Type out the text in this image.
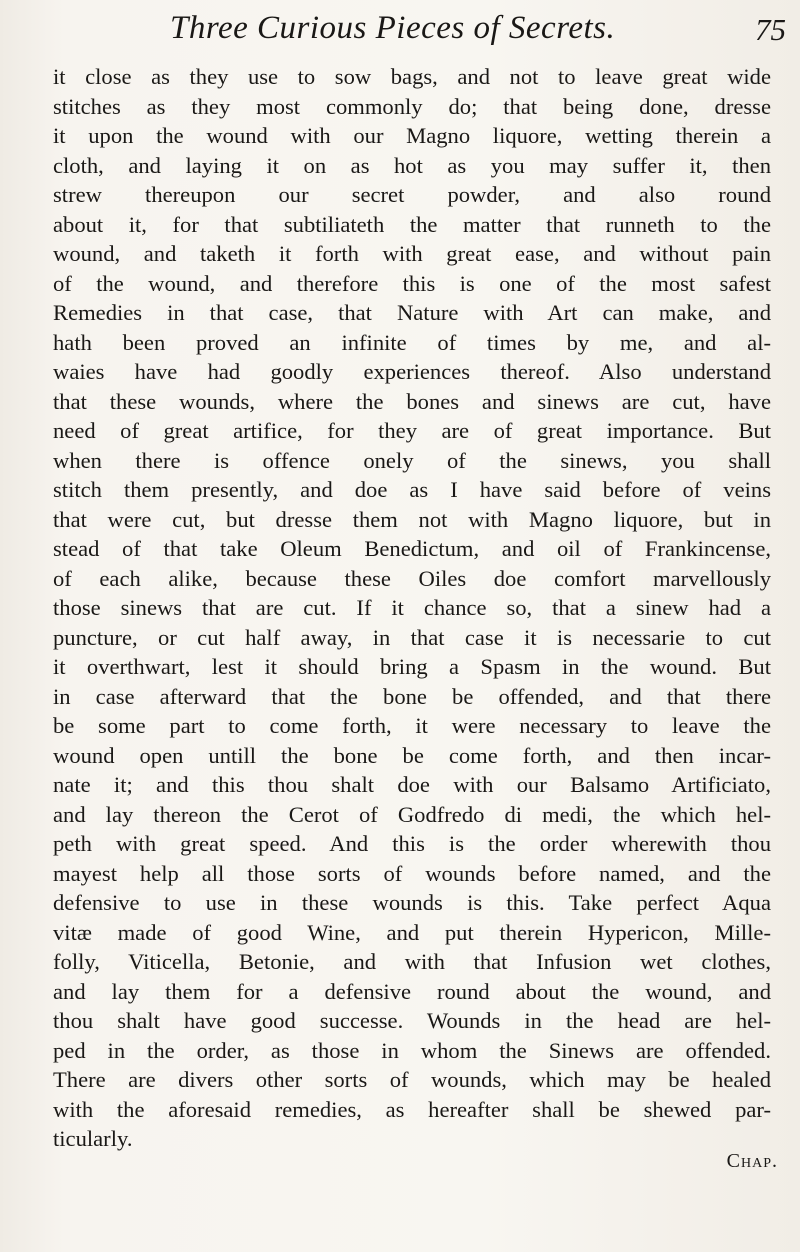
Three Curious Pieces of Secrets.	75
it close as they use to sow bags, and not to leave great wide
stitches as they most commonly do; that being done, dresse
it upon the wound with our Magno liquore, wetting therein a
cloth, and laying it on as hot as you may suffer it, then
strew thereupon our secret powder, and also round
about it, for that subtiliateth the matter that runneth to the
wound, and taketh it forth with great ease, and without pain
of the wound, and therefore this is one of the most safest
Remedies in that case, that Nature with Art can make, and
hath been proved an infinite of times by me, and al-
waies have had goodly experiences thereof. Also understand
that these wounds, where the bones and sinews are cut, have
need of great artifice, for they are of great importance. But
when there is offence onely of the sinews, you shall
stitch them presently, and doe as I have said before of veins
that were cut, but dresse them not with Magno liquore, but in
stead of that take Oleum Benedictum, and oil of Frankincense,
of each alike, because these Oiles doe comfort marvellously
those sinews that are cut. If it chance so, that a sinew had a
puncture, or cut half away, in that case it is necessarie to cut
it overthwart, lest it should bring a Spasm in the wound. But
in case afterward that the bone be offended, and that there
be some part to come forth, it were necessary to leave the
wound open untill the bone be come forth, and then incar-
nate it; and this thou shalt doe with our Balsamo Artificiato,
and lay thereon the Cerot of Godfredo di medi, the which hel-
peth with great speed. And this is the order wherewith thou
mayest help all those sorts of wounds before named, and the
defensive to use in these wounds is this. Take perfect Aqua
vitæ made of good Wine, and put therein Hypericon, Mille-
folly, Viticella, Betonie, and with that Infusion wet clothes,
and lay them for a defensive round about the wound, and
thou shalt have good successe. Wounds in the head are hel-
ped in the order, as those in whom the Sinews are offended.
There are divers other sorts of wounds, which may be healed
with the aforesaid remedies, as hereafter shall be shewed par-
ticularly.
Chap.
